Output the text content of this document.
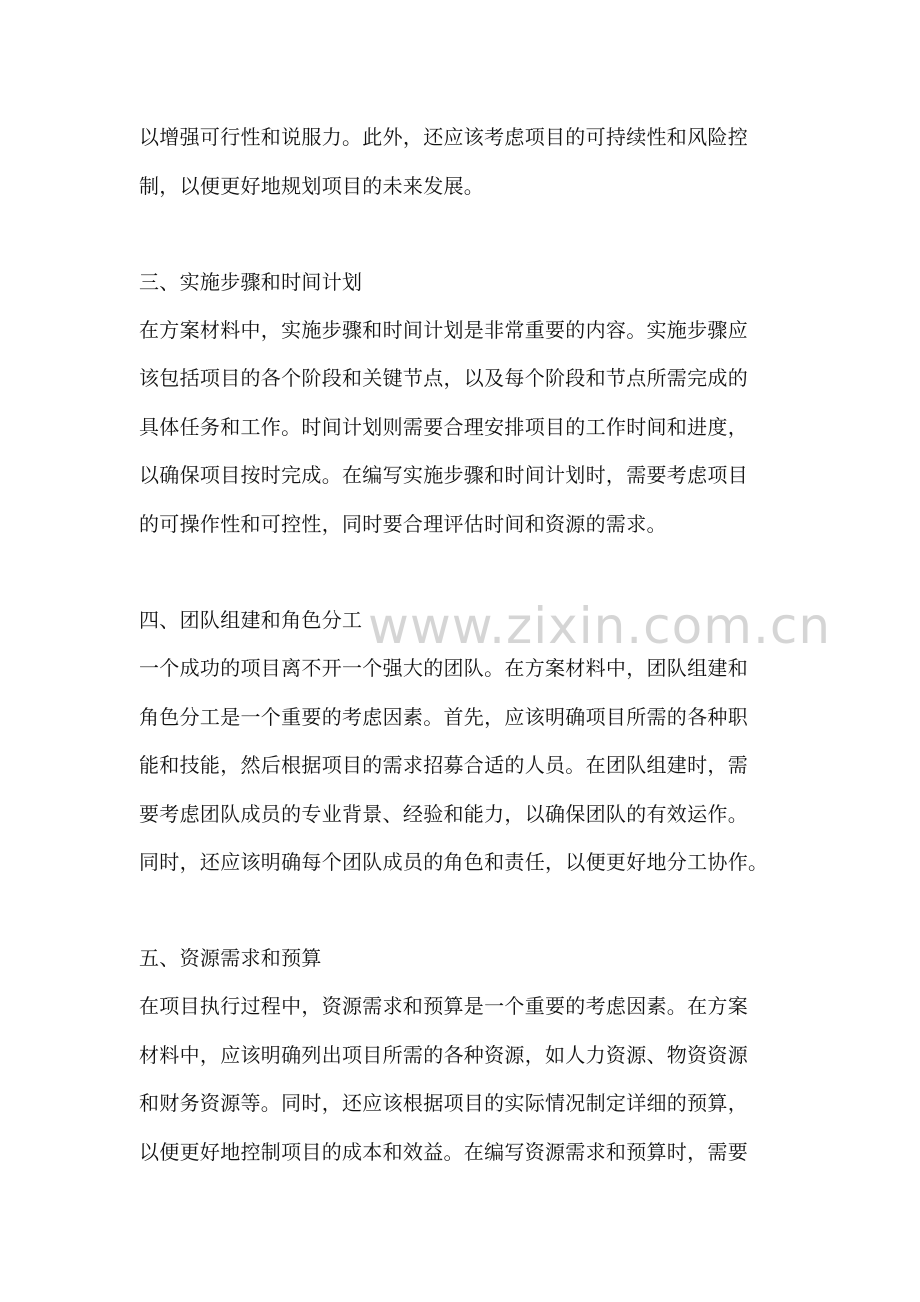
以增强可行性和说服力。此外，还应该考虑项目的可持续性和风险控
制，以便更好地规划项目的未来发展。
三、实施步骤和时间计划
在方案材料中，实施步骤和时间计划是非常重要的内容。实施步骤应
该包括项目的各个阶段和关键节点，以及每个阶段和节点所需完成的
具体任务和工作。时间计划则需要合理安排项目的工作时间和进度，
以确保项目按时完成。在编写实施步骤和时间计划时，需要考虑项目
的可操作性和可控性，同时要合理评估时间和资源的需求。
四、团队组建和角色分工
一个成功的项目离不开一个强大的团队。在方案材料中，团队组建和
角色分工是一个重要的考虑因素。首先，应该明确项目所需的各种职
能和技能，然后根据项目的需求招募合适的人员。在团队组建时，需
要考虑团队成员的专业背景、经验和能力，以确保团队的有效运作。
同时，还应该明确每个团队成员的角色和责任，以便更好地分工协作。
五、资源需求和预算
在项目执行过程中，资源需求和预算是一个重要的考虑因素。在方案
材料中，应该明确列出项目所需的各种资源，如人力资源、物资资源
和财务资源等。同时，还应该根据项目的实际情况制定详细的预算，
以便更好地控制项目的成本和效益。在编写资源需求和预算时，需要
www.zixin.com.cn
